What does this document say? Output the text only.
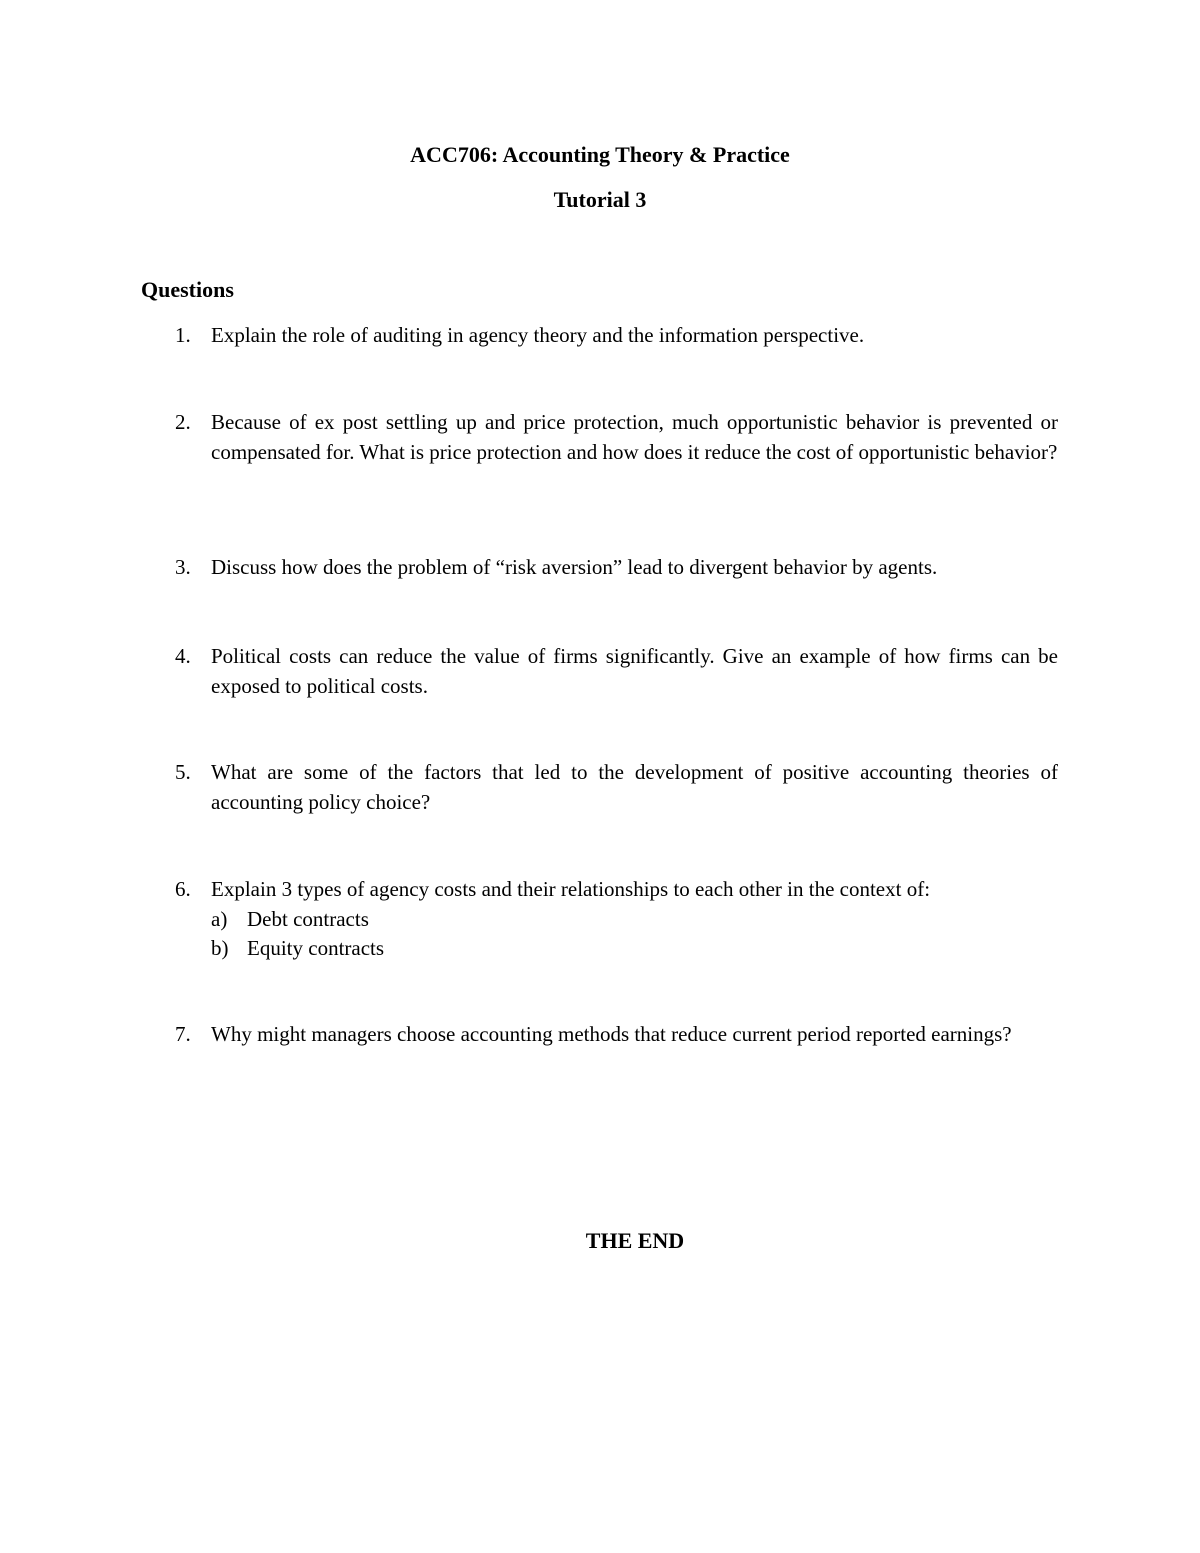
ACC706: Accounting Theory & Practice
Tutorial 3
Questions
1. Explain the role of auditing in agency theory and the information perspective.
2. Because of ex post settling up and price protection, much opportunistic behavior is prevented or compensated for. What is price protection and how does it reduce the cost of opportunistic behavior?
3. Discuss how does the problem of “risk aversion” lead to divergent behavior by agents.
4. Political costs can reduce the value of firms significantly. Give an example of how firms can be exposed to political costs.
5. What are some of the factors that led to the development of positive accounting theories of accounting policy choice?
6. Explain 3 types of agency costs and their relationships to each other in the context of:
a) Debt contracts
b) Equity contracts
7. Why might managers choose accounting methods that reduce current period reported earnings?
THE END
